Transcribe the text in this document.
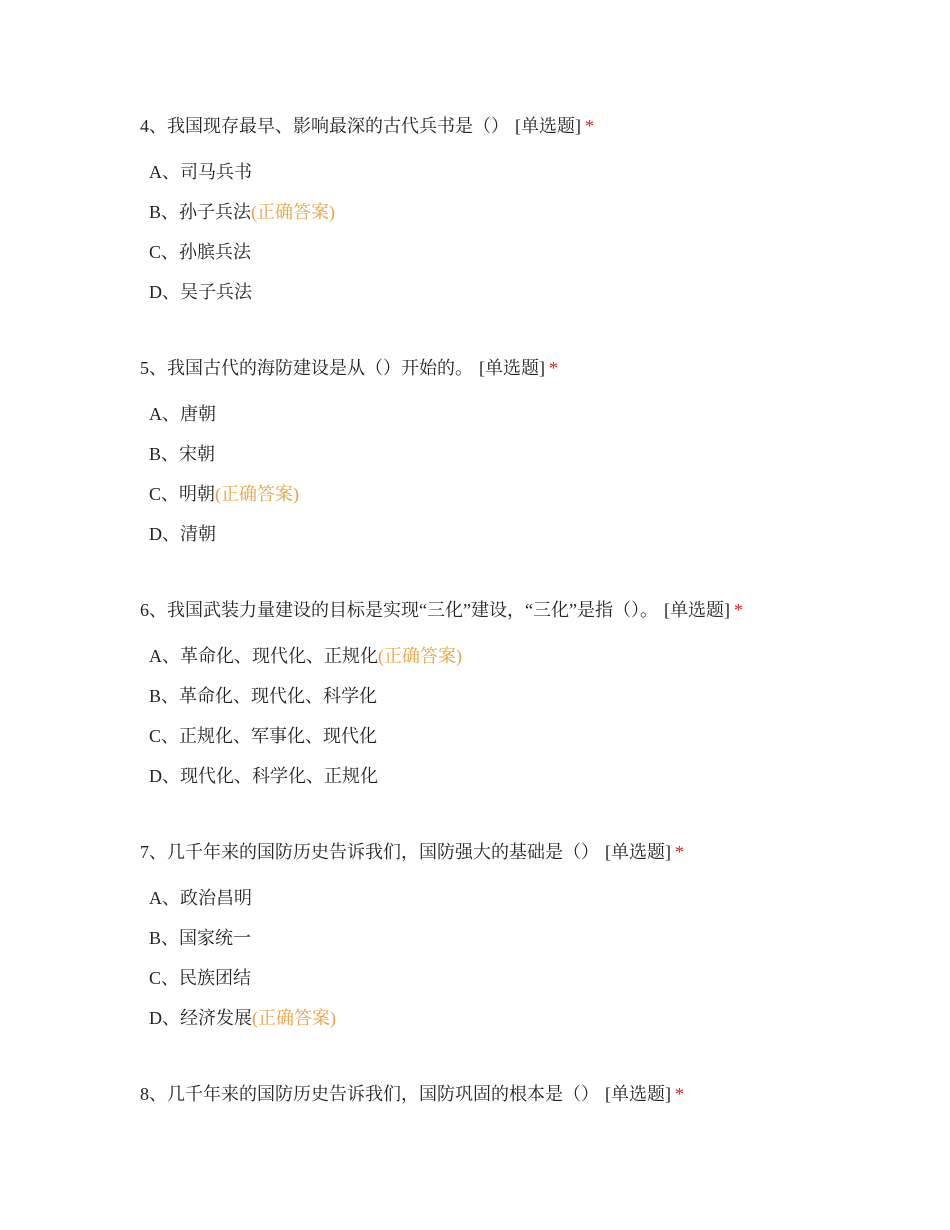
4、我国现存最早、影响最深的古代兵书是（） [单选题] *
A、司马兵书
B、孙子兵法(正确答案)
C、孙膑兵法
D、吴子兵法
5、我国古代的海防建设是从（）开始的。 [单选题] *
A、唐朝
B、宋朝
C、明朝(正确答案)
D、清朝
6、我国武装力量建设的目标是实现“三化”建设，“三化”是指（）。 [单选题] *
A、革命化、现代化、正规化(正确答案)
B、革命化、现代化、科学化
C、正规化、军事化、现代化
D、现代化、科学化、正规化
7、几千年来的国防历史告诉我们，国防强大的基础是（） [单选题] *
A、政治昌明
B、国家统一
C、民族团结
D、经济发展(正确答案)
8、几千年来的国防历史告诉我们，国防巩固的根本是（） [单选题] *
